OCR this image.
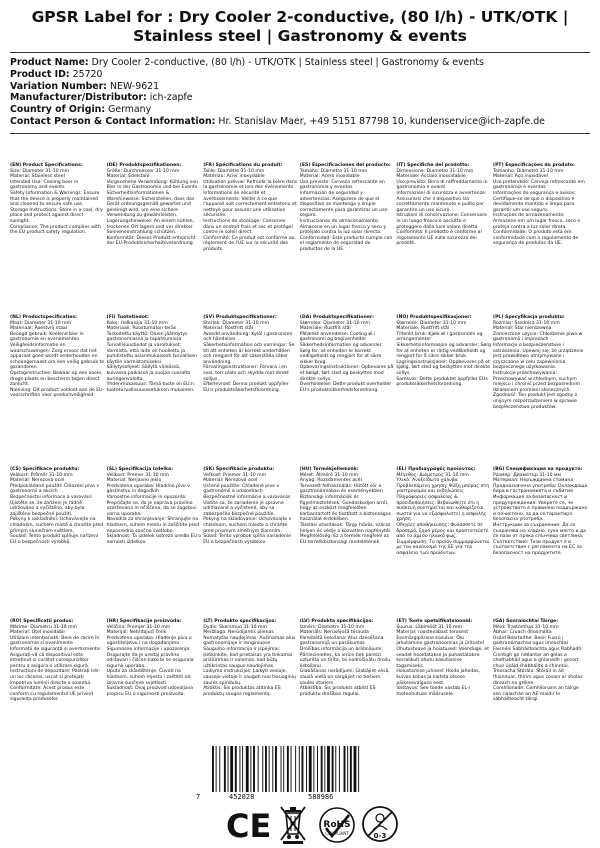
GPSR Label for : Dry Cooler 2-conductive, (80 l/h) - UTK/OTK | Stainless steel | Gastronomy & events
Product Name: Dry Cooler 2-conductive, (80 l/h) - UTK/OTK | Stainless steel | Gastronomy & events
Product ID: 25720
Variation Number: NEW-9621
Manufacturer/Distributor: ich-zapfe
Country of Origin: Germany
Contact Person & Contact Information: Hr. Stanislav Maer, +49 5151 87798 10, kundenservice@ich-zapfe.de
(EN) Product Specifications:
Size: Diameter 31-10 mm
Material: Stainless steel
Intended Use: Cooling beer in gastronomy and events
Safety Information & Warnings: Ensure that the device is properly maintained and cleaned to ensure safe use.
Storage Instructions: Store in a cool, dry place and protect against direct sunlight.
Compliance: The product complies with the EU product safety regulation.
(DE) Produktspezifikationen:
Größe: Durchmesser 31-10 mm
Material: Edelstahl
Vorgesehene Verwendung: Kühlung von Bier in der Gastronomie und bei Events
Sicherheitsinformationen & Warnhinweise: Sicherstellen, dass das Gerät ordnungsgemäß gewartet und gereinigt wird, um eine sichere Verwendung zu gewährleisten.
Lagerungshinweise: An einem kühlen, trockenen Ort lagern und vor direkter Sonneneinstrahlung schützen.
Konformität: Dieses Produkt entspricht der EU-Produktsicherheitsverordnung.
(FR) Spécifications du produit:
Taille: Diamètre 31-10 mm
Matériau: Acier inoxydable
Utilisation prévue: Refroidir la bière dans la gastronomie et lors des événements
Informations de sécurité et avertissements: Veiller à ce que l'appareil soit correctement entretenu et nettoyé pour assurer une utilisation sécurisée.
Instructions de stockage: Conserver dans un endroit frais et sec et protéger contre le soleil direct.
Conformité: Ce produit est conforme au règlement de l'UE sur la sécurité des produits.
(ES) Especificaciones del producto:
Tamaño: Diámetro 31-10 mm
Material: Acero inoxidable
Uso previsto: Cerveza refrescante en gastronomía y eventos
Información de seguridad y advertencias: Asegúrese de que el dispositivo se mantenga y limpie correctamente para garantizar un uso seguro.
Instrucciones de almacenamiento: Almacene en un lugar fresco y seco y protéjalo contra la luz solar directa.
Conformidad: Este producto cumple con el reglamento de seguridad de productos de la UE.
(IT) Specifiche del prodotto:
Dimensione: Diametro 31-10 mm
Materiale: Acciaio inossidabile
Uso previsto: Birra di raffreddamento in gastronomia e eventi
Informazioni di sicurezza e avvertenze: Assicurarsi che il dispositivo sia correttamente mantenuto e pulito per garantire un uso sicuro.
Istruzioni di conservazione: Conservare in un luogo fresco e asciutto e proteggere dalla luce solare diretta.
Conformità: Il prodotto è conforme al regolamento UE sulla sicurezza dei prodotti.
(PT) Especificações do produto:
Tamanho: Diâmetro 31-10 mm
Material: Aço inoxidável
Uso pretendido: Cerveja refrescante em gastronomia e eventos
Informações de segurança e avisos: Certifique-se de que o dispositivo é devidamente mantido e limpo para garantir um uso seguro.
Instruções de armazenamento: Armazene em um lugar fresco, seco e proteja contra a luz solar direta.
Conformidade: O produto está em conformidade com o regulamento de segurança de produtos da UE.
(NL) Productspecificaties:
Maat: Diameter 31-10 mm
Materiaal: Roestvrij staal
Beoogd gebruik: Koelend bier in gastronomie en evenementen
Veiligheidsinformatie en waarschuwingen: Zorg ervoor dat het apparaat goed wordt onderhouden en schoongemaakt om een veilig gebruik te garanderen.
Opslaginstructies: Bewaar op een koele, droge plaats en bescherm tegen direct zonlicht.
Naleving: Dit product voldoet aan de EU-voorschriften voor productveiligheid.
(FI) Tuotetiedot:
Koko: Halkaisija 31-10 mm
Materiaali: Ruostumaton teräs
Tarkoitettu käyttö: Oluen jäähdytys gastronomiassa ja tapahtumissa
Turvallisuustiedot ja varoitukset: Varmista, että laite on huollettu ja puhdistettu asianmukaisesti turvallisen käytön varmistamiseksi.
Säilytysohjeet: Säilytä viileässä, kuivassa paikassa ja suojaa suoralta auringonvalolta.
Yhdenmukaisuus: Tämä tuote on EU:n tuoteturvallisuusasetuksen mukainen.
(SV) Produktspecifikationer:
Storlek: Diameter 31-10 mm
Material: Rostfritt stål
Avsedd användning: Kylöl i gastronomi och händelser
Säkerhetsinformation och varningar: Se till att enheten är korrekt underhållen och rengjord för att säkerställa säker användning.
Förvaringsinstruktioner: Förvara i en sval, torr plats och skydda mot direkt solljus.
Efterlevnad: Denna produkt uppfyller EU:s produktsäkerhetsförordning.
(DA) Produktspecifikationer:
Størrelse: Diameter 31-10 mm
Materiale: Rustfrit stål
Påtænkt anvendelse: Cooling øl i gastronomi og begivenheder
Sikkerhedsinformation og advarsler: Sørg for, at enheden er korrekt vedligeholdt og rengjort for at sikre sikker brug.
Opbevaringsinstruktioner: Opbevares på et køligt, tørt sted og beskyttes mod direkte sollys.
Overholdelse: Dette produkt overholder EU's produktsikkerhedsforordning.
(NO) Produktspesifikasjoner:
Størrelse: Diameter 31-10 mm
Materiale: Rustfritt stål
Tiltenkt bruk: Kjøle øl i gastronomi og arrangementer
Sikkerhetsinformasjon og advarsler: Sørg for at enheten er riktig vedlikeholdt og rengjort for å sikre sikker bruk.
Lagringsinstruksjoner: Oppbevares på et kjølig, tørt sted og beskyttes mot direkte sollys.
Samsvar: Dette produktet oppfyller EUs produktsikkerhetsforordning.
(PL) Specyfikacja produktu:
Rozmiar: Średnica 31-10 mm
Materiał: Stal nierdzewna
Zamierzone użycie: Chłodzenie piwa w gastronomii i imprezach
Informacje o bezpieczeństwie i ostrzeżenia: Upewnij się, że urządzenie jest prawidłowo utrzymywane i czyszczone w celu zapewnienia bezpiecznego użytkowania.
Instrukcje przechowywania: Przechowywać w chłodnym, suchym miejscu i chronić przed bezpośrednim działaniem promieni słonecznych.
Zgodność: Ten produkt jest zgodny z unijnym rozporządzeniem w sprawie bezpieczeństwa produktów.
(CS) Specifikace produktu:
Velikost: Průměr 31-10 mm
Materiál: Nerezová ocel
Předpokládané použití: Chlazení piva v gastronomii a akcích
Bezpečnostní informace a varování: Ujistěte se, že zařízení je řádně udržováno a vyčištěno, aby bylo zajištěno bezpečné použití.
Pokyny k uskladnění: Uchovávejte na chladném, suchém místě a chraňte před přímým slunečním světlem.
Soulad: Tento produkt splňuje nařízení EU o bezpečnosti výrobků.
(SL) Specifikacija izdelka:
Velikost: Premer 31-10 mm
Material: Nerjavno jeklo
Predvidena uporaba: Hladilno pivo v gostinstvu in dogodkih
Varnostne informacije in opozorila: Prepričajte se, da je naprava pravilno vzdrževana in očiščena, da se zagotovi varna uporaba.
Navodila za shranjevanje: Shranjujte na hladnem, suhem mestu in zaščitite pred neposredno sončno svetlobo.
Skladnost: Ta izdelek ustreza uredbi EU o varnosti izdelkov.
(SK) Špecifikácie produktu:
Veľkosť: Priemer 31-10 mm
Materiál: Nerezová oceľ
Určené použitie: Chladené pivo v gastronómii a udalostiach
Bezpečnostné informácie a varovania: Uistite sa, že zariadenie je správne udržiavané a vyčistené, aby sa zabezpečilo bezpečné použitie.
Pokyny na skladovanie: Uchovávajte v chladnom, suchom mieste a chráňte pred priamym slnečným žiarením.
Súlad: Tento výrobok spĺňa nariadenie EÚ o bezpečnosti výrobkov.
(HU) Termékjellemzők:
Méret: Átmérő 31-10 mm
Anyag: Rozsdamentes acél
Tervezett felhasználás: Hűtött sör a gasztronómiában és eseményekben
Biztonsági információk és figyelmeztetések: Gondoskodjon arról, hogy az eszközt megfelelően karbantartott és tisztított a biztonságos használat érdekében.
Tárolási utasítások: Tárgy hűvös, száraz helyen és védje a közvetlen napfénytől.
Megfelelőség: Ez a termék megfelel az EU termékbiztonsági rendeletének.
(EL) Προδιαγραφές προϊόντος:
Μέγεθος: Διάμετρος 31-10 mm
Υλικό: Ανοξείδωτο χάλυβα
Προβλεπόμενη χρήση: Ψύξη μπύρας στη γαστρονομία και εκδηλώσεις
Πληροφορίες ασφαλείας & προειδοποιήσεις: Βεβαιωθείτε ότι η συσκευή συντηρείται και καθαρίζεται σωστά για να εξασφαλιστεί η ασφαλής χρήση.
Οδηγίες αποθήκευσης: Φυλάσσετε σε δροσερό, ξηρό μέρος και προστατεύετε από το άμεσο ηλιακό φως.
Συμμόρφωση: Το προϊόν συμμορφώνεται με τον κανονισμό της ΕΕ για την ασφάλεια των προϊόντων.
(BG) Спецификация на продукта:
Размер: Диаметър 31-10 мм
Материал: Неръждаема стомана
Предназначена употреба: Охлаждаща бира в гастрономията и събития
Информация за безопасност и предупреждения: Уверете се, че устройството е правилно поддържано и почистено, за да се гарантира безопасна употреба.
Инструкции за съхранение: Да се съхранява на хладно, сухо място и да се пази от пряка слънчева светлина.
Съответствие: Този продукт е в съответствие с регламента на ЕС за безопасност на продуктите.
(RO) Specificații produs:
Mărime: Diametru 31-10 mm
Material: Oțel inoxidabil
Utilizare intenționată: Bere de răcire în gastronomie și evenimente
Informații de siguranță și avertismente: Asigurați-vă că dispozitivul este întreținut și curățat corespunzător pentru a asigura o utilizare sigură.
Instrucțiuni de depozitare: Păstrați într-un loc răcoros, uscat și protejați împotriva luminii directe a soarelui.
Conformitate: Acest produs este conform cu regulamentul UE privind siguranța produselor.
(HR) Specifikacije proizvoda:
Veličina: Promjer 31-10 mm
Materijal: Nehrđajući čelik
Predviđena uporaba: Hlađenje piva u ugostiteljstvu i na događanjima
Sigurnosne informacije i upozorenja: Osigurajte da je uređaj pravilno održavan i čišćen kako bi se osigurala sigurna uporaba.
Upute za skladištenje: Čuvati na hladnom, suhom mjestu i zaštititi od izravne sunčeve svjetlosti.
Sukladnost: Ovaj proizvod udovoljava propisu EU o sigurnosti proizvoda.
(LT) Produkto specifikacijos:
Dydis: Skersmuo 31-10 mm
Medžiaga: Nerūdijantis plienas
Numatytas naudojimas: Aušinamas alus gastronomijoje ir renginiuose
Saugumo informacija ir įspėjimai: Įsitikinkite, kad prietaisas yra tinkamai prižiūrimas ir valomas, kad būtų užtikrintas saugus naudojimas.
Laikymo instrukcijos: Laikyti vėsioje, sausoje vietoje ir saugoti nuo tiesioginių saulės spindulių.
Atitiktis: Šis produktas atitinka ES produktų saugos reglamentą.
(LV) Produkta specifikācijas:
Izmērs: Diametrs 31-10 mm
Materiāls: Nerūsējošā tērauda
Paredzētā lietošana: Alus dzesēšana gastronomijā un pasākumos
Drošības informācija un brīdinājumi: Pārliecinieties, ka ierīce tiek pareizi uzturēta un tīrīta, lai nodrošinātu drošu lietošanu.
Glabāšanas norādījumi: Glabājiet vēsā, sausā vietā un sargājiet no tiešiem saules stariem.
Atbilstība: Šis produkts atbilst ES produktu drošības regulai.
(ET) Toote spetsifikatsioonid:
Suurus: Läbimõõt 31-10 mm
Materjal: roostevabast terasest
Eesmärgipärane kasutus: Õlu jahutamine gastronoomias ja üritustel
Ohutusteave ja hoiatused: Veenduge, et seadet hooldatakse ja puhastatakse korralikult ohutu kasutamise tagamiseks.
Hoiustamise juhised: Hoida jahedas, kuivas kohas ja kaitsta otsese päikesevalguse eest.
Vastavus: See toode vastab EL-i tooteohutuse määrusele.
(GA) Sonraíochtaí Táirge:
Méid: Trastomhas 31-10 mm
Ábhar: Cruach dhosmálta
Úsáid Beartaithe: Beoir Fuarú i gastranómachas agus imeachtaí
Faisnéis Sábháilteachta agus Rabhadh: Cinntigh go ndéantar an gléas a chothabháil agus a ghlanadh i gceart chun úsáid shábháilte a chinntiú.
Treoracha Stórála: Stóráil in áit fhionnuar, thirim agus cosain ar sholas díreach na gréine.
Comhlíonadh: Comhlíonann an táirge seo rialachán an AE maidir le sábháilteacht táirgí.
7	452028	588986
CE	RoHS
COMPLIANT	0-3
